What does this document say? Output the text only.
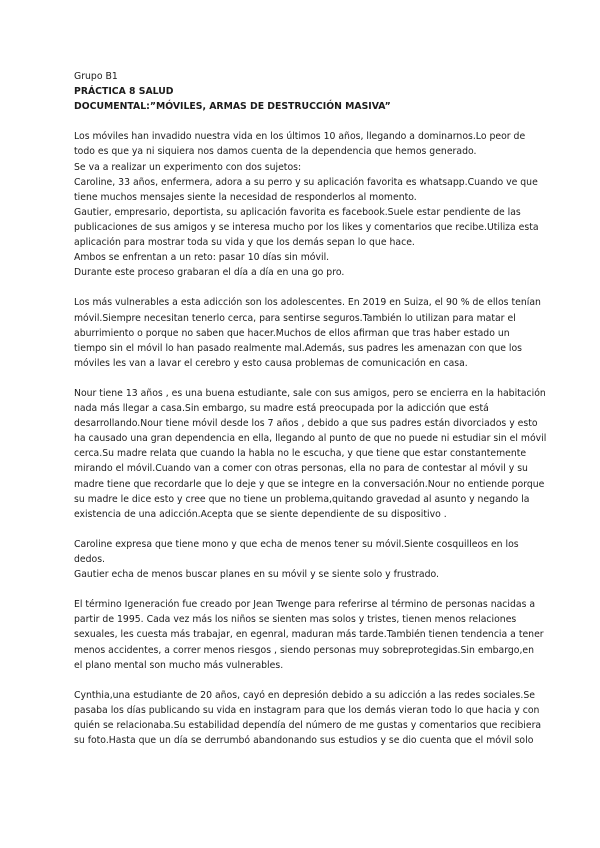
Grupo B1
PRÁCTICA 8 SALUD
DOCUMENTAL:”MÓVILES, ARMAS DE DESTRUCCIÓN MASIVA”
Los móviles han invadido nuestra vida en los últimos 10 años, llegando a dominarnos.Lo peor de
todo es que ya ni siquiera nos damos cuenta de la dependencia que hemos generado.
Se va a realizar un experimento con dos sujetos:
Caroline, 33 años, enfermera, adora a su perro y su aplicación favorita es whatsapp.Cuando ve que
tiene muchos mensajes siente la necesidad de responderlos al momento.
Gautier, empresario, deportista, su aplicación favorita es facebook.Suele estar pendiente de las
publicaciones de sus amigos y se interesa mucho por los likes y comentarios que recibe.Utiliza esta
aplicación para mostrar toda su vida y que los demás sepan lo que hace.
Ambos se enfrentan a un reto: pasar 10 días sin móvil.
Durante este proceso grabaran el día a día en una go pro.
Los más vulnerables a esta adicción son los adolescentes. En 2019 en Suiza, el 90 % de ellos tenían
móvil.Siempre necesitan tenerlo cerca, para sentirse seguros.También lo utilizan para matar el
aburrimiento o porque no saben que hacer.Muchos de ellos afirman que tras haber estado un
tiempo sin el móvil lo han pasado realmente mal.Además, sus padres les amenazan con que los
móviles les van a lavar el cerebro y esto causa problemas de comunicación en casa.
Nour tiene 13 años , es una buena estudiante, sale con sus amigos, pero se encierra en la habitación
nada más llegar a casa.Sin embargo, su madre está preocupada por la adicción que está
desarrollando.Nour tiene móvil desde los 7 años , debido a que sus padres están divorciados y esto
ha causado una gran dependencia en ella, llegando al punto de que no puede ni estudiar sin el móvil
cerca.Su madre relata que cuando la habla no le escucha, y que tiene que estar constantemente
mirando el móvil.Cuando van a comer con otras personas, ella no para de contestar al móvil y su
madre tiene que recordarle que lo deje y que se integre en la conversación.Nour no entiende porque
su madre le dice esto y cree que no tiene un problema,quitando gravedad al asunto y negando la
existencia de una adicción.Acepta que se siente dependiente de su dispositivo .
Caroline expresa que tiene mono y que echa de menos tener su móvil.Siente cosquilleos en los
dedos.
Gautier echa de menos buscar planes en su móvil y se siente solo y frustrado.
El término Igeneración fue creado por Jean Twenge para referirse al término de personas nacidas a
partir de 1995. Cada vez más los niños se sienten mas solos y tristes, tienen menos relaciones
sexuales, les cuesta más trabajar, en egenral, maduran más tarde.También tienen tendencia a tener
menos accidentes, a correr menos riesgos , siendo personas muy sobreprotegidas.Sin embargo,en
el plano mental son mucho más vulnerables.
Cynthia,una estudiante de 20 años, cayó en depresión debido a su adicción a las redes sociales.Se
pasaba los días publicando su vida en instagram para que los demás vieran todo lo que hacia y con
quién se relacionaba.Su estabilidad dependía del número de me gustas y comentarios que recibiera
su foto.Hasta que un día se derrumbó abandonando sus estudios y se dio cuenta que el móvil solo
